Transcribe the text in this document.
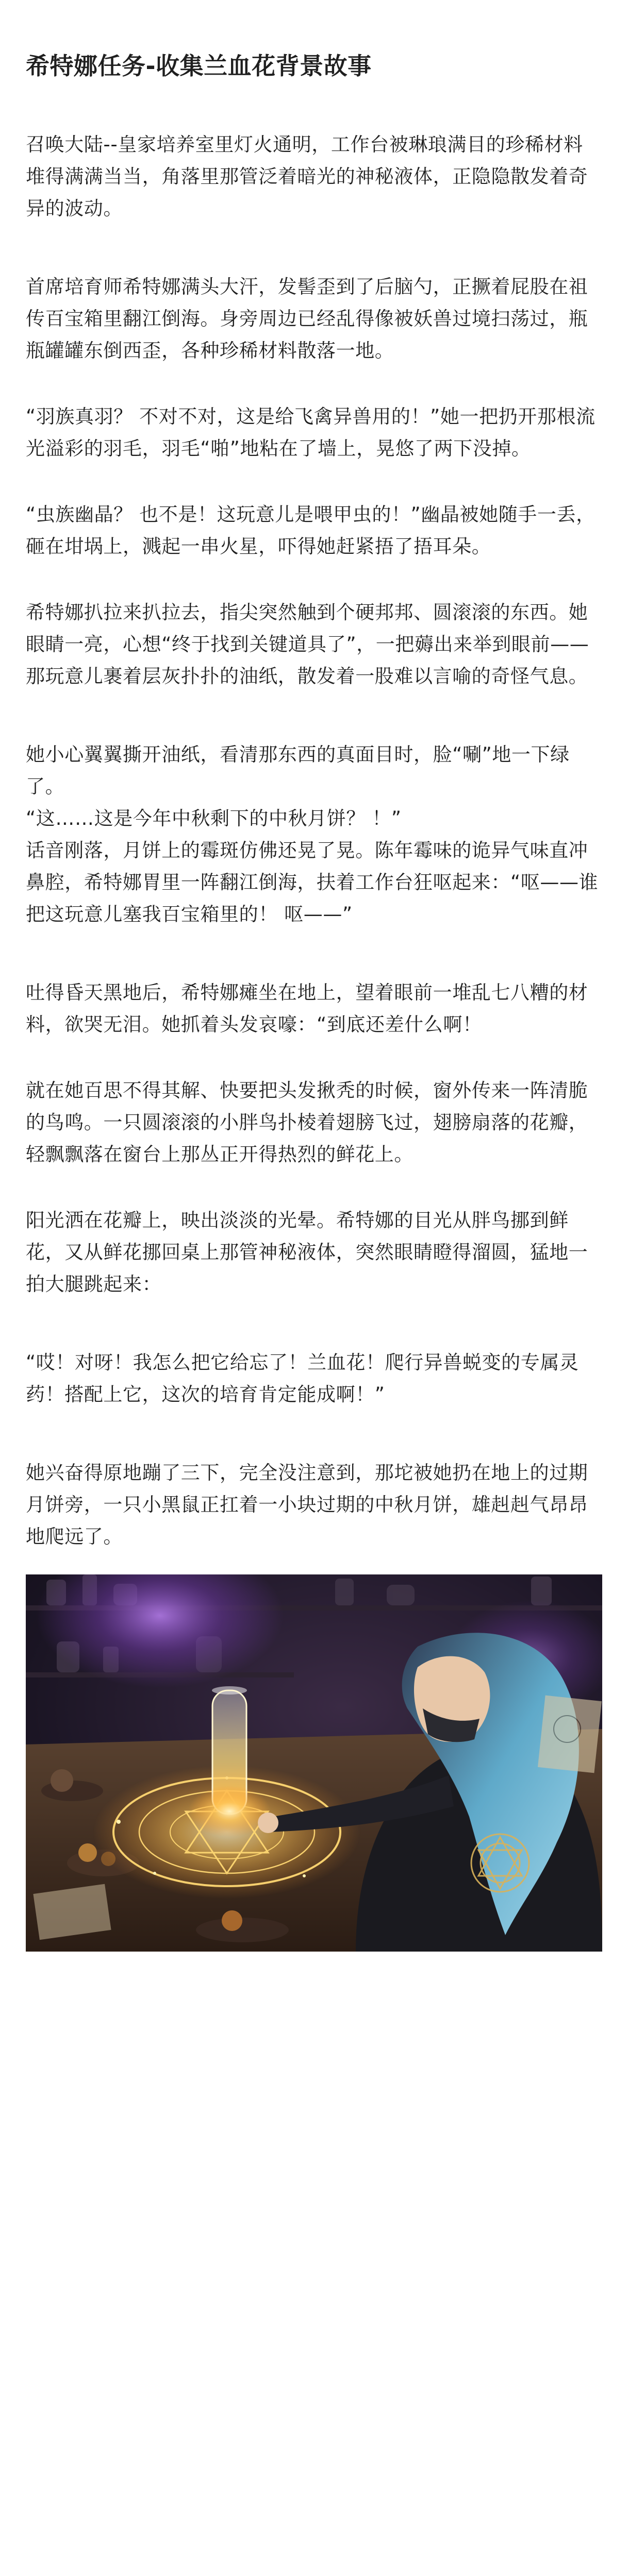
希特娜任务-收集兰血花背景故事

召唤大陆--皇家培养室里灯火通明，工作台被琳琅满目的珍稀材料堆得满满当当，角落里那管泛着暗光的神秘液体，正隐隐散发着奇异的波动。

首席培育师希特娜满头大汗，发髻歪到了后脑勺，正撅着屁股在祖传百宝箱里翻江倒海。身旁周边已经乱得像被妖兽过境扫荡过，瓶瓶罐罐东倒西歪，各种珍稀材料散落一地。

“羽族真羽？ 不对不对，这是给飞禽异兽用的！”她一把扔开那根流光溢彩的羽毛，羽毛“啪”地粘在了墙上，晃悠了两下没掉。

“虫族幽晶？ 也不是！这玩意儿是喂甲虫的！”幽晶被她随手一丢，砸在坩埚上，溅起一串火星，吓得她赶紧捂了捂耳朵。

希特娜扒拉来扒拉去，指尖突然触到个硬邦邦、圆滚滚的东西。她眼睛一亮，心想“终于找到关键道具了”，一把薅出来举到眼前——那玩意儿裹着层灰扑扑的油纸，散发着一股难以言喻的奇怪气息。

她小心翼翼撕开油纸，看清那东西的真面目时，脸“唰”地一下绿了。

“这……这是今年中秋剩下的中秋月饼？ ！”

话音刚落，月饼上的霉斑仿佛还晃了晃。陈年霉味的诡异气味直冲鼻腔，希特娜胃里一阵翻江倒海，扶着工作台狂呕起来：“呕——谁把这玩意儿塞我百宝箱里的！ 呕——”

吐得昏天黑地后，希特娜瘫坐在地上，望着眼前一堆乱七八糟的材料，欲哭无泪。她抓着头发哀嚎：“到底还差什么啊！

就在她百思不得其解、快要把头发揪秃的时候，窗外传来一阵清脆的鸟鸣。一只圆滚滚的小胖鸟扑棱着翅膀飞过，翅膀扇落的花瓣，轻飘飘落在窗台上那丛正开得热烈的鲜花上。

阳光洒在花瓣上，映出淡淡的光晕。希特娜的目光从胖鸟挪到鲜花，又从鲜花挪回桌上那管神秘液体，突然眼睛瞪得溜圆，猛地一拍大腿跳起来：

“哎！对呀！我怎么把它给忘了！兰血花！爬行异兽蜕变的专属灵药！搭配上它，这次的培育肯定能成啊！”

她兴奋得原地蹦了三下，完全没注意到，那坨被她扔在地上的过期月饼旁，一只小黑鼠正扛着一小块过期的中秋月饼，雄赳赳气昂昂地爬远了。
